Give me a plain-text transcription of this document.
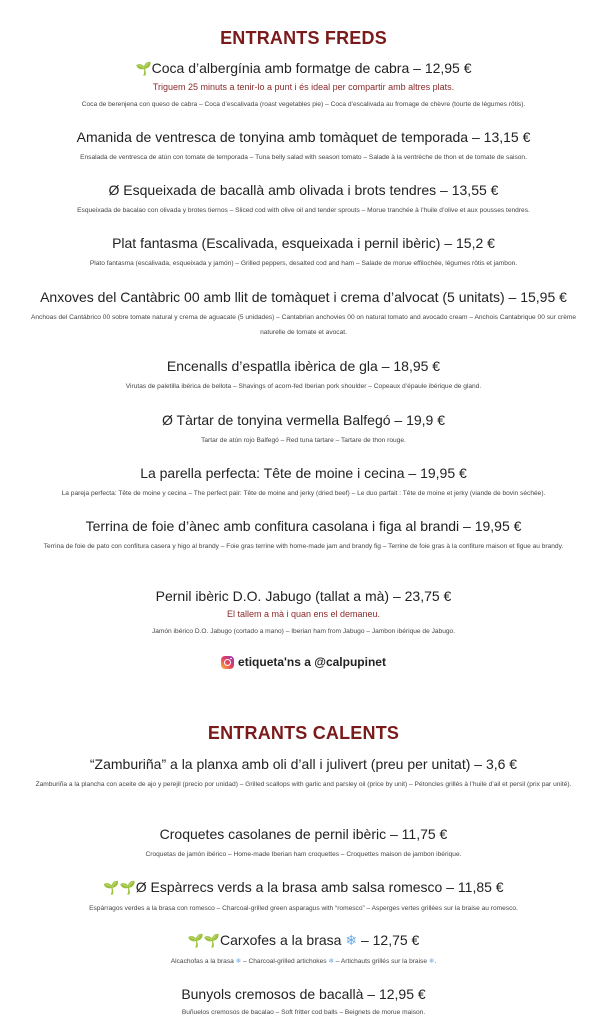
ENTRANTS FREDS
🌱Coca d’albergínia amb formatge de cabra – 12,95 €
Triguem 25 minuts a tenir-lo a punt i és ideal per compartir amb altres plats.
Coca de berenjena con queso de cabra – Coca d’escalivada (roast vegetables pie) – Coca d’escalivada au fromage de chèvre (tourte de légumes rôtis).
Amanida de ventresca de tonyina amb tomàquet de temporada – 13,15 €
Ensalada de ventresca de atún con tomate de temporada – Tuna belly salad with season tomato – Salade à la ventrèche de thon et de tomate de saison.
Ø Esqueixada de bacallà amb olivada i brots tendres – 13,55 €
Esqueixada de bacalao con olivada y brotes tiernos – Sliced cod with olive oil and tender sprouts – Morue tranchée à l’huile d’olive et aux pousses tendres.
Plat fantasma (Escalivada, esqueixada i pernil ibèric) – 15,2 €
Plato fantasma (escalivada, esqueixada y jamón) – Grilled peppers, desalted cod and ham – Salade de morue effilochée, légumes rôtis et jambon.
Anxoves del Cantàbric 00 amb llit de tomàquet i crema d’alvocat (5 unitats) – 15,95 €
Anchoas del Cantábrico 00 sobre tomate natural y crema de aguacate (5 unidades) – Cantabrian anchovies 00 on natural tomato and avocado cream – Anchois Cantabrique 00 sur crème naturelle de tomate et avocat.
Encenalls d’espatlla ibèrica de gla – 18,95 €
Virutas de paletilla ibérica de bellota – Shavings of acorn-fed Iberian pork shoulder – Copeaux d’épaule ibérique de gland.
Ø Tàrtar de tonyina vermella Balfegó – 19,9 €
Tartar de atún rojo Balfegó – Red tuna tartare – Tartare de thon rouge.
La parella perfecta: Tête de moine i cecina – 19,95 €
La pareja perfecta: Tête de moine y cecina – The perfect pair: Tête de moine and jerky (dried beef) – Le duo parfait : Tête de moine et jerky (viande de bovin séchée).
Terrina de foie d’ànec amb confitura casolana i figa al brandi – 19,95 €
Terrina de foie de pato con confitura casera y higo al brandy – Foie gras terrine with home-made jam and brandy fig – Terrine de foie gras à la confiture maison et figue au brandy.
Pernil ibèric D.O. Jabugo (tallat a mà) – 23,75 €
El tallem a mà i quan ens el demaneu.
Jamón ibérico D.O. Jabugo (cortado a mano) – Iberian ham from Jabugo – Jambon ibérique de Jabugo.
etiqueta'ns a @calpupinet
ENTRANTS CALENTS
“Zamburiña” a la planxa amb oli d’all i julivert (preu per unitat) – 3,6 €
Zamburiña a la plancha con aceite de ajo y perejil (precio por unidad) – Grilled scallops with garlic and parsley oil (price by unit) – Pétoncles grillés à l’huile d’ail et persil (prix par unité).
Croquetes casolanes de pernil ibèric – 11,75 €
Croquetas de jamón ibérico – Home-made Iberian ham croquettes – Croquettes maison de jambon ibérique.
🌱🌱Ø Espàrrecs verds a la brasa amb salsa romesco – 11,85 €
Espárragos verdes a la brasa con romesco – Charcoal-grilled green asparagus with “romesco” – Asperges vertes grillées sur la braise au romesco.
🌱🌱Carxofes a la brasa ❄ – 12,75 €
Alcachofas a la brasa ❄ – Charcoal-grilled artichokes ❄ – Artichauts grillés sur la braise ❄.
Bunyols cremosos de bacallà – 12,95 €
Buñuelos cremosos de bacalao – Soft fritter cod balls – Beignets de morue maison.
